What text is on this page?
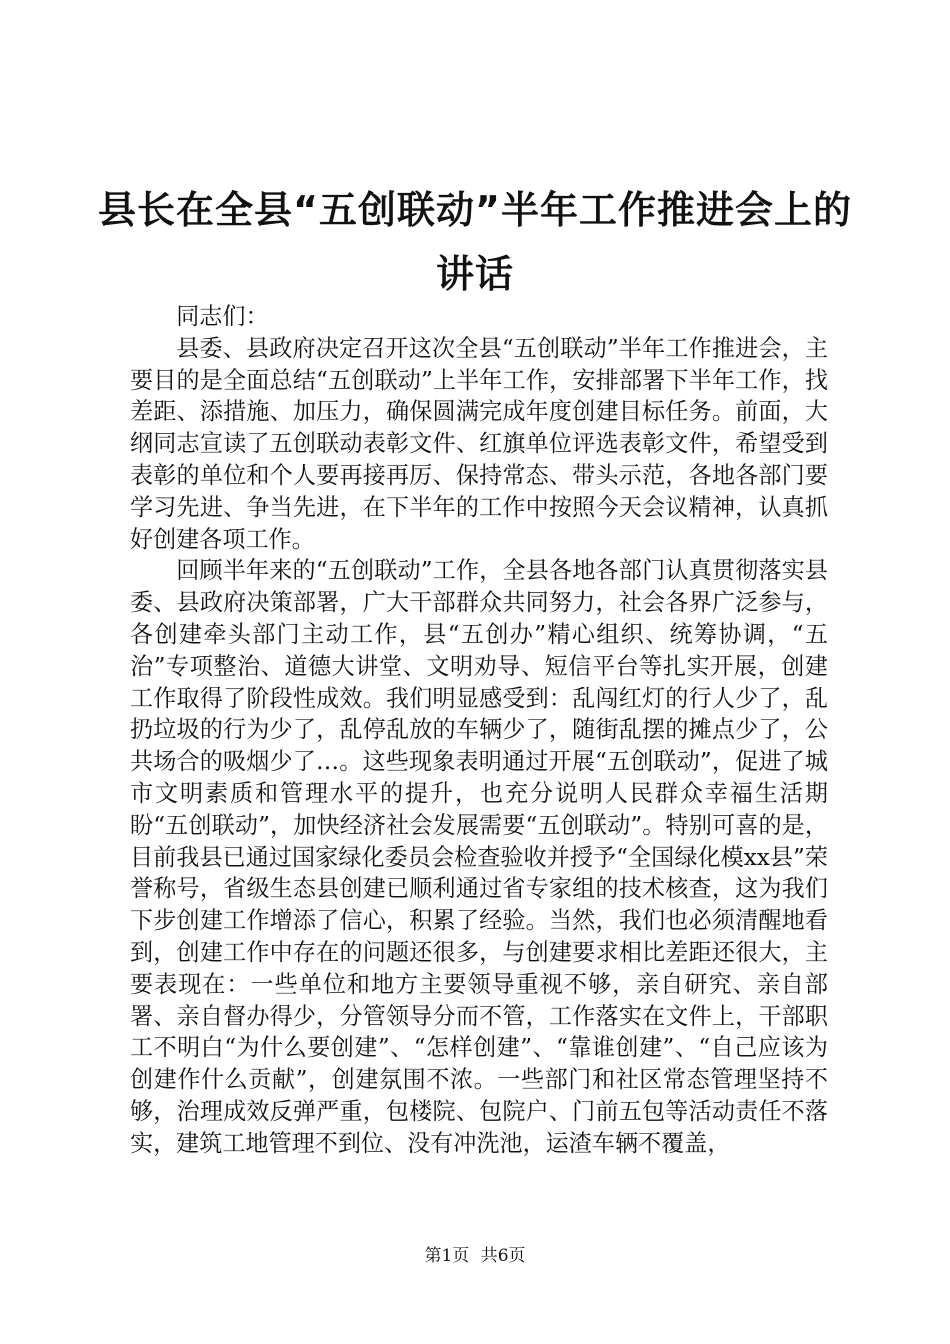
县长在全县“五创联动”半年工作推进会上的讲话

同志们：

县委、县政府决定召开这次全县“五创联动”半年工作推进会，主要目的是全面总结“五创联动”上半年工作，安排部署下半年工作，找差距、添措施、加压力，确保圆满完成年度创建目标任务。前面，大纲同志宣读了五创联动表彰文件、红旗单位评选表彰文件，希望受到表彰的单位和个人要再接再厉、保持常态、带头示范，各地各部门要学习先进、争当先进，在下半年的工作中按照今天会议精神，认真抓好创建各项工作。

回顾半年来的“五创联动”工作，全县各地各部门认真贯彻落实县委、县政府决策部署，广大干部群众共同努力，社会各界广泛参与，各创建牵头部门主动工作，县“五创办”精心组织、统筹协调，“五治”专项整治、道德大讲堂、文明劝导、短信平台等扎实开展，创建工作取得了阶段性成效。我们明显感受到：乱闯红灯的行人少了，乱扔垃圾的行为少了，乱停乱放的车辆少了，随街乱摆的摊点少了，公共场合的吸烟少了…。这些现象表明通过开展“五创联动”，促进了城市文明素质和管理水平的提升，也充分说明人民群众幸福生活期盼“五创联动”，加快经济社会发展需要“五创联动”。特别可喜的是，目前我县已通过国家绿化委员会检查验收并授予“全国绿化模xx县”荣誉称号，省级生态县创建已顺利通过省专家组的技术核查，这为我们下步创建工作增添了信心，积累了经验。当然，我们也必须清醒地看到，创建工作中存在的问题还很多，与创建要求相比差距还很大，主要表现在：一些单位和地方主要领导重视不够，亲自研究、亲自部署、亲自督办得少，分管领导分而不管，工作落实在文件上，干部职工不明白“为什么要创建”、“怎样创建”、“靠谁创建”、“自己应该为创建作什么贡献”，创建氛围不浓。一些部门和社区常态管理坚持不够，治理成效反弹严重，包楼院、包院户、门前五包等活动责任不落实，建筑工地管理不到位、没有冲洗池，运渣车辆不覆盖，

第1页 共6页
